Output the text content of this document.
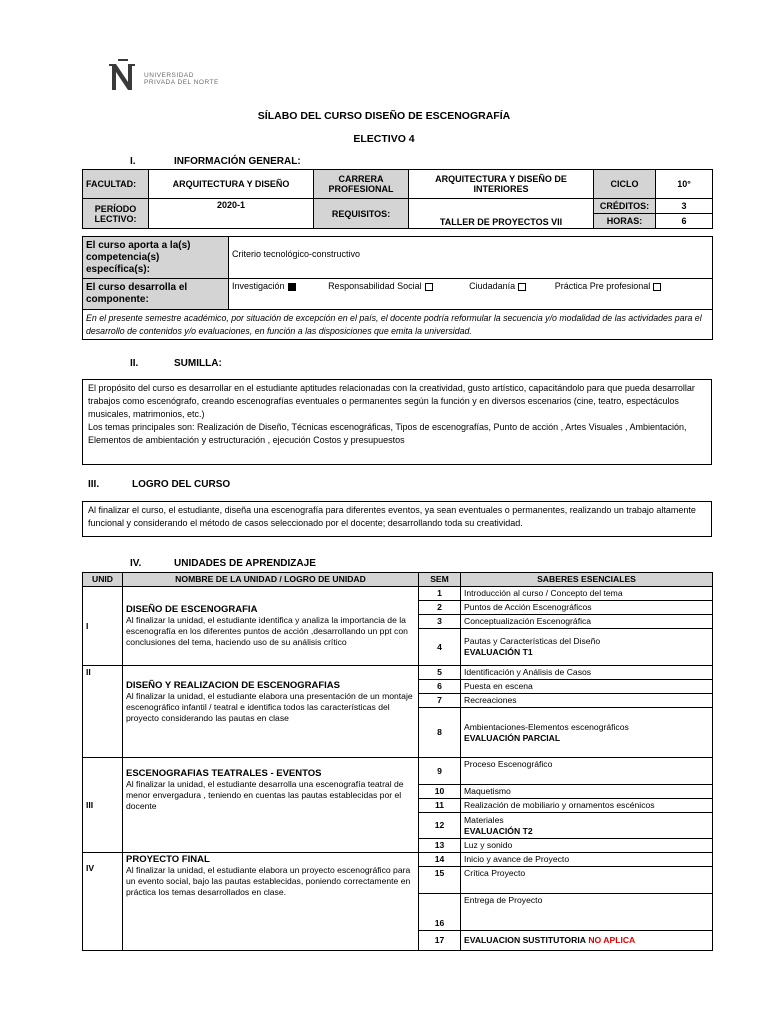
UNIVERSIDAD
PRIVADA DEL NORTE
SÍLABO DEL CURSO DISEÑO DE ESCENOGRAFÍA
ELECTIVO 4
I.	INFORMACIÓN GENERAL:
FACULTAD:	ARQUITECTURA Y DISEÑO	CARRERA PROFESIONAL	ARQUITECTURA Y DISEÑO DE INTERIORES	CICLO	10°
PERÍODO LECTIVO:	2020-1	REQUISITOS:	TALLER DE PROYECTOS VII	CRÉDITOS:	3
				HORAS:	6
El curso aporta a la(s) competencia(s) específica(s):	Criterio tecnológico-constructivo
El curso desarrolla el componente:	Investigación Responsabilidad Social Ciudadanía Práctica Pre profesional
En el presente semestre académico, por situación de excepción en el país, el docente podría reformular la secuencia y/o modalidad de las actividades para el desarrollo de contenidos y/o evaluaciones, en función a las disposiciones que emita la universidad.	
II.	SUMILLA:
El propósito del curso es desarrollar en el estudiante aptitudes relacionadas con la creatividad, gusto artístico, capacitándolo para que pueda desarrollar trabajos como escenógrafo, creando escenografías eventuales o permanentes según la función y en diversos escenarios (cine, teatro, espectáculos musicales, matrimonios, etc.)
Los temas principales son: Realización de Diseño, Técnicas escenográficas, Tipos de escenografías, Punto de acción , Artes Visuales , Ambientación, Elementos de ambientación y estructuración , ejecución Costos y presupuestos
III.	LOGRO DEL CURSO
Al finalizar el curso, el estudiante, diseña una escenografía para diferentes eventos, ya sean eventuales o permanentes, realizando un trabajo altamente funcional y considerando el método de casos seleccionado por el docente; desarrollando toda su creatividad.
IV.	UNIDADES DE APRENDIZAJE
UNID	NOMBRE DE LA UNIDAD / LOGRO DE UNIDAD	SEM	SABERES ESENCIALES
I	DISEÑO DE ESCENOGRAFIA
Al finalizar la unidad, el estudiante identifica y analiza la importancia de la escenografía en los diferentes puntos de acción ,desarrollando un ppt con conclusiones del tema, haciendo uso de su análisis crítico	1	Introducción al curso / Concepto del tema
		2	Puntos de Acción Escenográficos
		3	Conceptualización Escenográfica
		4	Pautas y Características del Diseño
EVALUACIÓN T1

II	DISEÑO Y REALIZACION DE ESCENOGRAFIAS
Al finalizar la unidad, el estudiante elabora una presentación de un montaje escenográfico infantil / teatral e identifica todos las características del proyecto considerando las pautas en clase	5	Identificación y Análisis de Casos
		6	Puesta en escena
		7	Recreaciones
		8	Ambientaciones-Elementos escenográficos
EVALUACIÓN PARCIAL

III	ESCENOGRAFIAS TEATRALES - EVENTOS
Al finalizar la unidad, el estudiante desarrolla una escenografía teatral de menor envergadura , teniendo en cuentas las pautas establecidas por el docente	9	Proceso Escenográfico
		10	Maquetismo
		11	Realización de mobiliario y ornamentos escénicos
		12	Materiales
EVALUACIÓN T2

		13	Luz y sonido
IV	PROYECTO FINAL
Al finalizar la unidad, el estudiante elabora un proyecto escenográfico para un evento social, bajo las pautas establecidas, poniendo correctamente en práctica los temas desarrollados en clase.	14	Inicio y avance de Proyecto
		15	Crítica Proyecto
		16	Entrega de Proyecto
		17	EVALUACION SUSTITUTORIA NO APLICA
